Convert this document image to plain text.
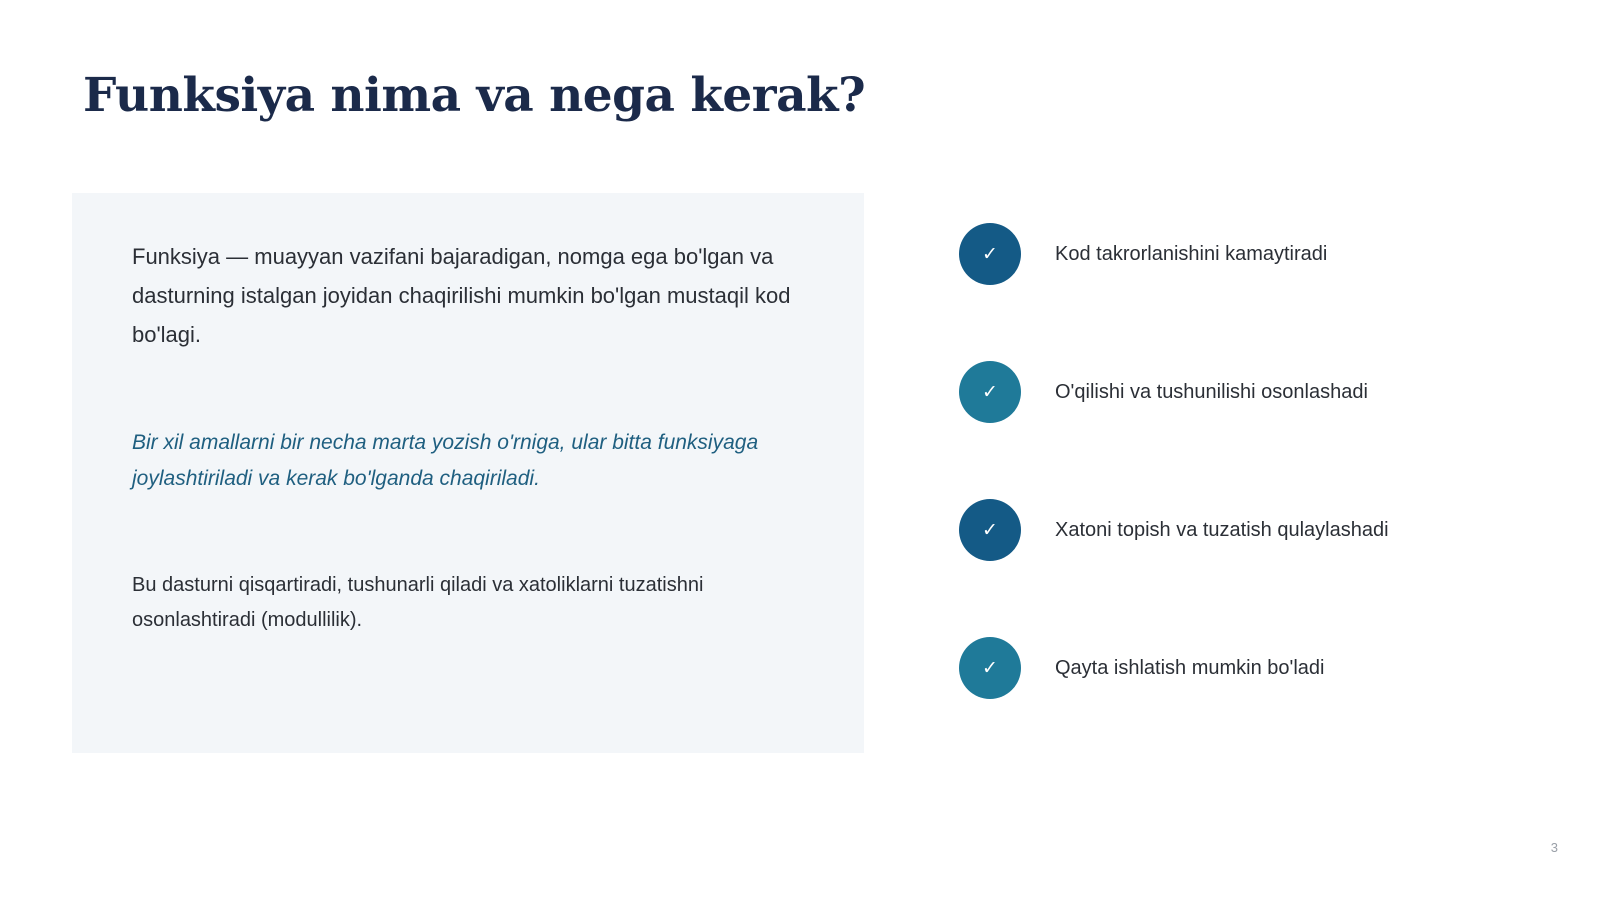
Funksiya nima va nega kerak?

Funksiya — muayyan vazifani bajaradigan, nomga ega bo'lgan va dasturning istalgan joyidan chaqirilishi mumkin bo'lgan mustaqil kod bo'lagi.

Bir xil amallarni bir necha marta yozish o'rniga, ular bitta funksiyaga joylashtiriladi va kerak bo'lganda chaqiriladi.

Bu dasturni qisqartiradi, tushunarli qiladi va xatoliklarni tuzatishni osonlashtiradi (modullilik).

✓	Kod takrorlanishini kamaytiradi
✓	O'qilishi va tushunilishi osonlashadi
✓	Xatoni topish va tuzatish qulaylashadi
✓	Qayta ishlatish mumkin bo'ladi
3
